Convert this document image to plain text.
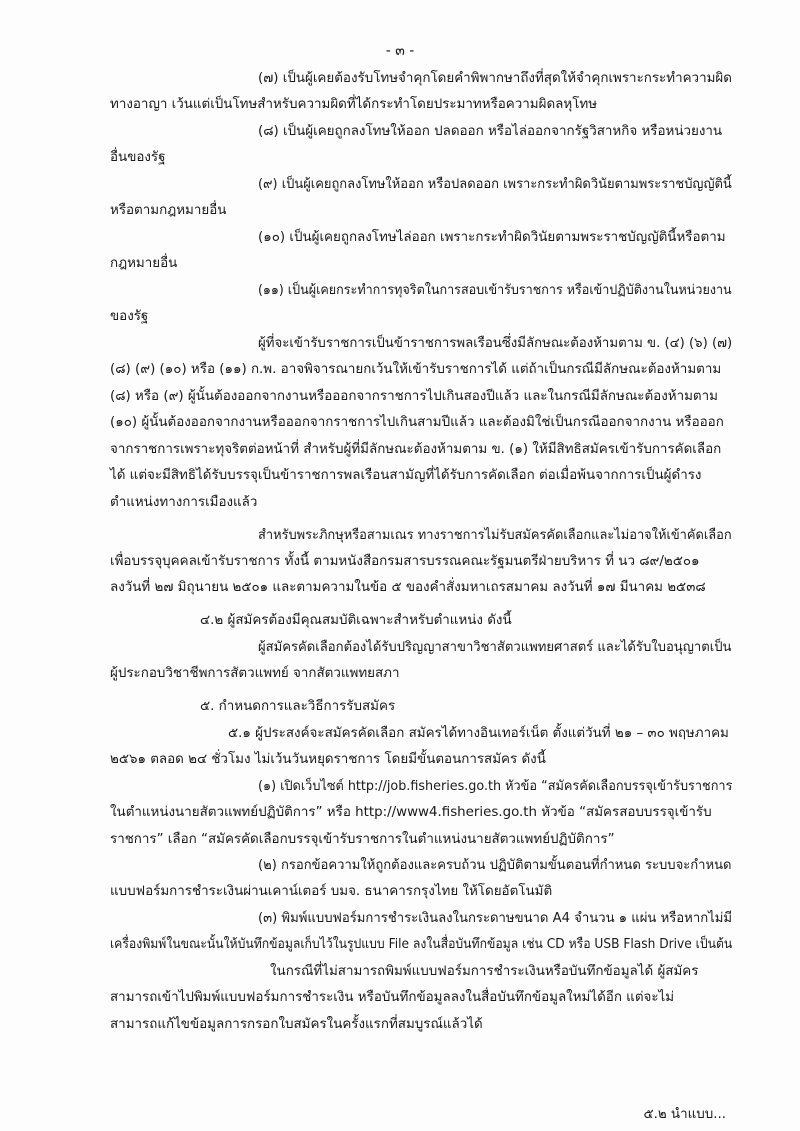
- ๓ -
(๗) เป็นผู้เคยต้องรับโทษจำคุกโดยคำพิพากษาถึงที่สุดให้จำคุกเพราะกระทำความผิด
ทางอาญา เว้นแต่เป็นโทษสำหรับความผิดที่ได้กระทำโดยประมาทหรือความผิดลหุโทษ
(๘) เป็นผู้เคยถูกลงโทษให้ออก ปลดออก หรือไล่ออกจากรัฐวิสาหกิจ หรือหน่วยงาน
อื่นของรัฐ
(๙) เป็นผู้เคยถูกลงโทษให้ออก หรือปลดออก เพราะกระทำผิดวินัยตามพระราชบัญญัตินี้
หรือตามกฎหมายอื่น
(๑๐) เป็นผู้เคยถูกลงโทษไล่ออก เพราะกระทำผิดวินัยตามพระราชบัญญัตินี้หรือตาม
กฎหมายอื่น
(๑๑) เป็นผู้เคยกระทำการทุจริตในการสอบเข้ารับราชการ หรือเข้าปฏิบัติงานในหน่วยงาน
ของรัฐ
ผู้ที่จะเข้ารับราชการเป็นข้าราชการพลเรือนซึ่งมีลักษณะต้องห้ามตาม ข. (๔) (๖) (๗)
(๘) (๙) (๑๐) หรือ (๑๑) ก.พ. อาจพิจารณายกเว้นให้เข้ารับราชการได้ แต่ถ้าเป็นกรณีมีลักษณะต้องห้ามตาม
(๘) หรือ (๙) ผู้นั้นต้องออกจากงานหรือออกจากราชการไปเกินสองปีแล้ว และในกรณีมีลักษณะต้องห้ามตาม
(๑๐) ผู้นั้นต้องออกจากงานหรือออกจากราชการไปเกินสามปีแล้ว และต้องมิใช่เป็นกรณีออกจากงาน หรือออก
จากราชการเพราะทุจริตต่อหน้าที่ สำหรับผู้ที่มีลักษณะต้องห้ามตาม ข. (๑) ให้มีสิทธิสมัครเข้ารับการคัดเลือก
ได้ แต่จะมีสิทธิได้รับบรรจุเป็นข้าราชการพลเรือนสามัญที่ได้รับการคัดเลือก ต่อเมื่อพ้นจากการเป็นผู้ดำรง
ตำแหน่งทางการเมืองแล้ว
สำหรับพระภิกษุหรือสามเณร ทางราชการไม่รับสมัครคัดเลือกและไม่อาจให้เข้าคัดเลือก
เพื่อบรรจุบุคคลเข้ารับราชการ ทั้งนี้ ตามหนังสือกรมสารบรรณคณะรัฐมนตรีฝ่ายบริหาร ที่ นว ๘๙/๒๕๐๑
ลงวันที่ ๒๗ มิถุนายน ๒๕๐๑ และตามความในข้อ ๕ ของคำสั่งมหาเถรสมาคม ลงวันที่ ๑๗ มีนาคม ๒๕๓๘
๔.๒ ผู้สมัครต้องมีคุณสมบัติเฉพาะสำหรับตำแหน่ง ดังนี้
ผู้สมัครคัดเลือกต้องได้รับปริญญาสาขาวิชาสัตวแพทยศาสตร์ และได้รับใบอนุญาตเป็น
ผู้ประกอบวิชาชีพการสัตวแพทย์ จากสัตวแพทยสภา
๕. กำหนดการและวิธีการรับสมัคร
๕.๑ ผู้ประสงค์จะสมัครคัดเลือก สมัครได้ทางอินเทอร์เน็ต ตั้งแต่วันที่ ๒๑ – ๓๐ พฤษภาคม
๒๕๖๑ ตลอด ๒๔ ชั่วโมง ไม่เว้นวันหยุดราชการ โดยมีขั้นตอนการสมัคร ดังนี้
(๑) เปิดเว็บไซต์ http://job.fisheries.go.th หัวข้อ “สมัครคัดเลือกบรรจุเข้ารับราชการ
ในตำแหน่งนายสัตวแพทย์ปฏิบัติการ” หรือ http://www4.fisheries.go.th หัวข้อ “สมัครสอบบรรจุเข้ารับ
ราชการ” เลือก “สมัครคัดเลือกบรรจุเข้ารับราชการในตำแหน่งนายสัตวแพทย์ปฏิบัติการ”
(๒) กรอกข้อความให้ถูกต้องและครบถ้วน ปฏิบัติตามขั้นตอนที่กำหนด ระบบจะกำหนด
แบบฟอร์มการชำระเงินผ่านเคาน์เตอร์ บมจ. ธนาคารกรุงไทย ให้โดยอัตโนมัติ
(๓) พิมพ์แบบฟอร์มการชำระเงินลงในกระดาษขนาด A4 จำนวน ๑ แผ่น หรือหากไม่มี
เครื่องพิมพ์ในขณะนั้นให้บันทึกข้อมูลเก็บไว้ในรูปแบบ File ลงในสื่อบันทึกข้อมูล เช่น CD หรือ USB Flash Drive เป็นต้น
ในกรณีที่ไม่สามารถพิมพ์แบบฟอร์มการชำระเงินหรือบันทึกข้อมูลได้ ผู้สมัคร
สามารถเข้าไปพิมพ์แบบฟอร์มการชำระเงิน หรือบันทึกข้อมูลลงในสื่อบันทึกข้อมูลใหม่ได้อีก แต่จะไม่
สามารถแก้ไขข้อมูลการกรอกใบสมัครในครั้งแรกที่สมบูรณ์แล้วได้
๕.๒ นำแบบ...
